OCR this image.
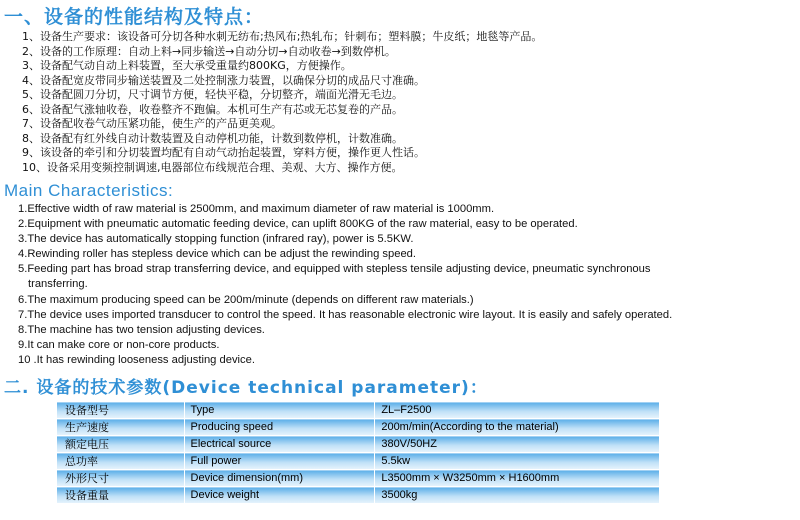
一、设备的性能结构及特点：
1、设备生产要求：该设备可分切各种水刺无纺布;热风布;热轧布；针刺布；塑料膜；牛皮纸；地毯等产品。
2、设备的工作原理：自动上料→同步输送→自动分切→自动收卷→到数停机。
3、设备配气动自动上料装置，至大承受重量约800KG，方便操作。
4、设备配宽皮带同步输送装置及二处控制涨力装置，以确保分切的成品尺寸准确。
5、设备配圆刀分切，尺寸调节方便，轻快平稳，分切整齐，端面光滑无毛边。
6、设备配气涨轴收卷，收卷整齐不跑偏。本机可生产有芯或无芯复卷的产品。
7、设备配收卷气动压紧功能，使生产的产品更美观。
8、设备配有红外线自动计数装置及自动停机功能，计数到数停机，计数准确。
9、该设备的牵引和分切装置均配有自动气动抬起装置，穿料方便，操作更人性话。
10、设备采用变频控制调速,电器部位布线规范合理、美观、大方、操作方便。
Main Characteristics:
1.Effective width of raw material is 2500mm, and maximum diameter of raw material is 1000mm.
2.Equipment with pneumatic automatic feeding device, can uplift 800KG of the raw material, easy to be operated.
3.The device has automatically stopping function (infrared ray), power is 5.5KW.
4.Rewinding roller has stepless device which can be adjust the rewinding speed.
5.Feeding part has broad strap transferring device, and equipped with stepless tensile adjusting device, pneumatic synchronous
transferring.
6.The maximum producing speed can be 200m/minute (depends on different raw materials.)
7.The device uses imported transducer to control the speed. It has reasonable electronic wire layout. It is easily and safely operated.
8.The machine has two tension adjusting devices.
9.It can make core or non-core products.
10 .It has rewinding looseness adjusting device.
二. 设备的技术参数(Device technical parameter)：
设备型号	Type	ZL–F2500
生产速度	Producing speed	200m/min(According to the material)
额定电压	Electrical source	380V/50HZ
总功率	Full power	5.5kw
外形尺寸	Device dimension(mm)	L3500mm × W3250mm × H1600mm
设备重量	Device weight	3500kg
